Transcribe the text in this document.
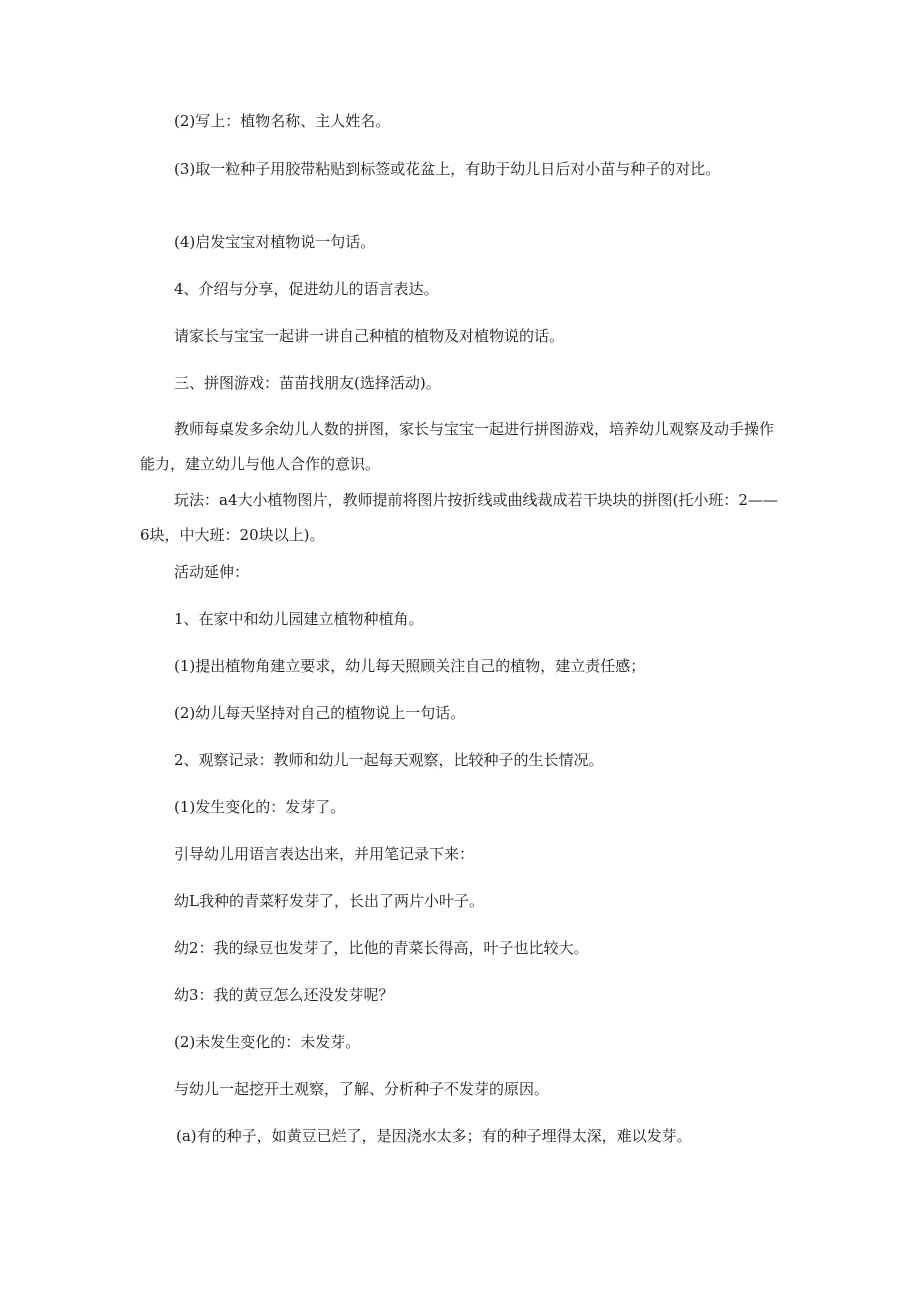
(2)写上：植物名称、主人姓名。

(3)取一粒种子用胶带粘贴到标签或花盆上，有助于幼儿日后对小苗与种子的对比。

(4)启发宝宝对植物说一句话。

4、介绍与分享，促进幼儿的语言表达。

请家长与宝宝一起讲一讲自己种植的植物及对植物说的话。

三、拼图游戏：苗苗找朋友(选择活动)。

教师每桌发多余幼儿人数的拼图，家长与宝宝一起进行拼图游戏，培养幼儿观察及动手操作能力，建立幼儿与他人合作的意识。

玩法：a4大小植物图片，教师提前将图片按折线或曲线裁成若干块块的拼图(托小班：2——6块，中大班：20块以上)。

活动延伸：

1、在家中和幼儿园建立植物种植角。

(1)提出植物角建立要求，幼儿每天照顾关注自己的植物，建立责任感；

(2)幼儿每天坚持对自己的植物说上一句话。

2、观察记录：教师和幼儿一起每天观察，比较种子的生长情况。

(1)发生变化的：发芽了。

引导幼儿用语言表达出来，并用笔记录下来：

幼L我种的青菜籽发芽了，长出了两片小叶子。

幼2：我的绿豆也发芽了，比他的青菜长得高，叶子也比较大。

幼3：我的黄豆怎么还没发芽呢？

(2)未发生变化的：未发芽。

与幼儿一起挖开土观察，了解、分析种子不发芽的原因。

(a)有的种子，如黄豆已烂了，是因浇水太多；有的种子埋得太深，难以发芽。
